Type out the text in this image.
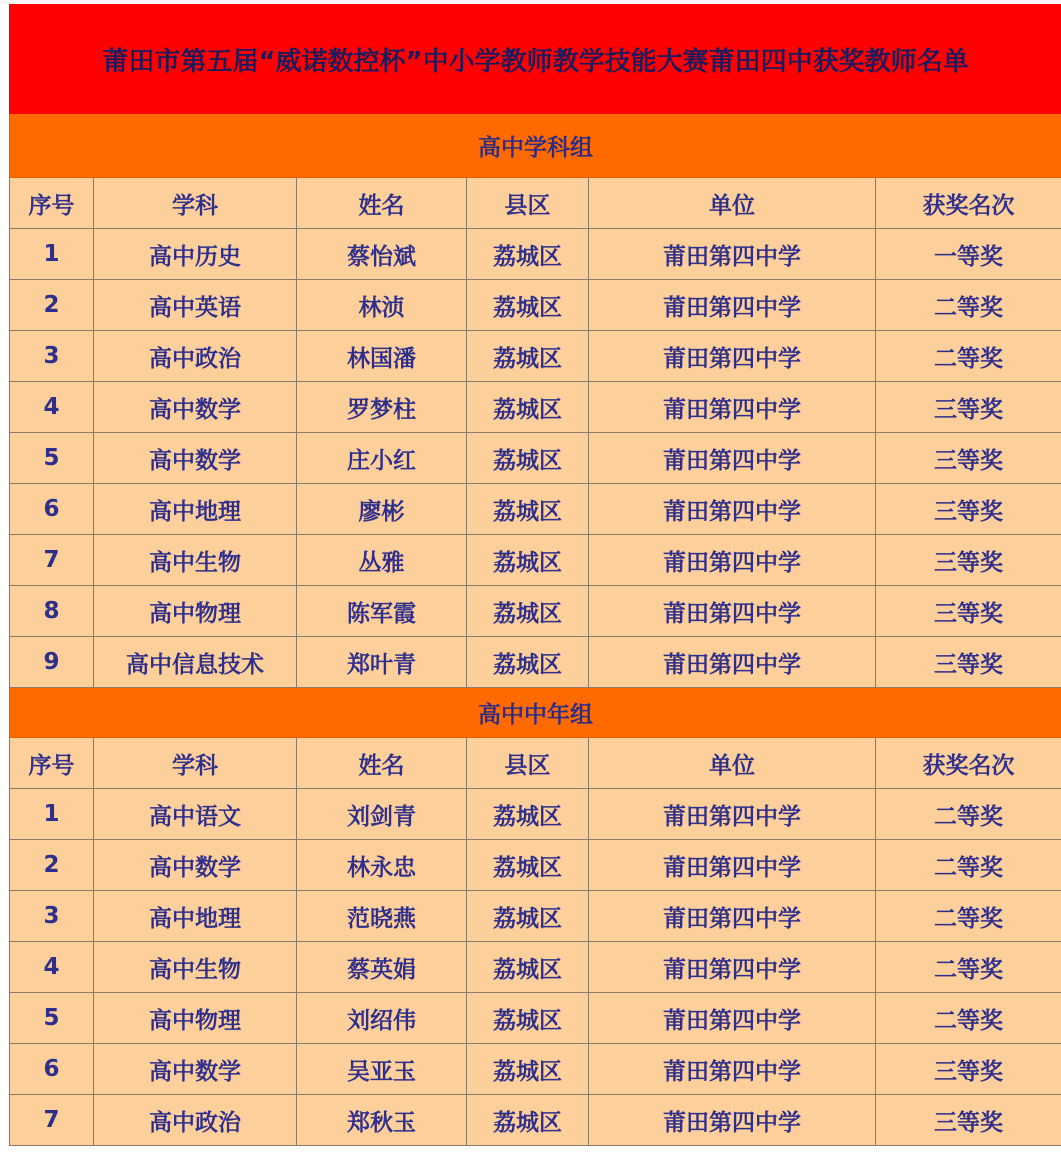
莆田市第五届“威诺数控杯”中小学教师教学技能大赛莆田四中获奖教师名单					
高中学科组					
序号	学科	姓名	县区	单位	获奖名次
1	高中历史	蔡怡斌	荔城区	莆田第四中学	一等奖
2	高中英语	林浈	荔城区	莆田第四中学	二等奖
3	高中政治	林国潘	荔城区	莆田第四中学	二等奖
4	高中数学	罗梦柱	荔城区	莆田第四中学	三等奖
5	高中数学	庄小红	荔城区	莆田第四中学	三等奖
6	高中地理	廖彬	荔城区	莆田第四中学	三等奖
7	高中生物	丛雅	荔城区	莆田第四中学	三等奖
8	高中物理	陈军霞	荔城区	莆田第四中学	三等奖
9	高中信息技术	郑叶青	荔城区	莆田第四中学	三等奖
高中中年组					
序号	学科	姓名	县区	单位	获奖名次
1	高中语文	刘剑青	荔城区	莆田第四中学	二等奖
2	高中数学	林永忠	荔城区	莆田第四中学	二等奖
3	高中地理	范晓燕	荔城区	莆田第四中学	二等奖
4	高中生物	蔡英娟	荔城区	莆田第四中学	二等奖
5	高中物理	刘绍伟	荔城区	莆田第四中学	二等奖
6	高中数学	吴亚玉	荔城区	莆田第四中学	三等奖
7	高中政治	郑秋玉	荔城区	莆田第四中学	三等奖
